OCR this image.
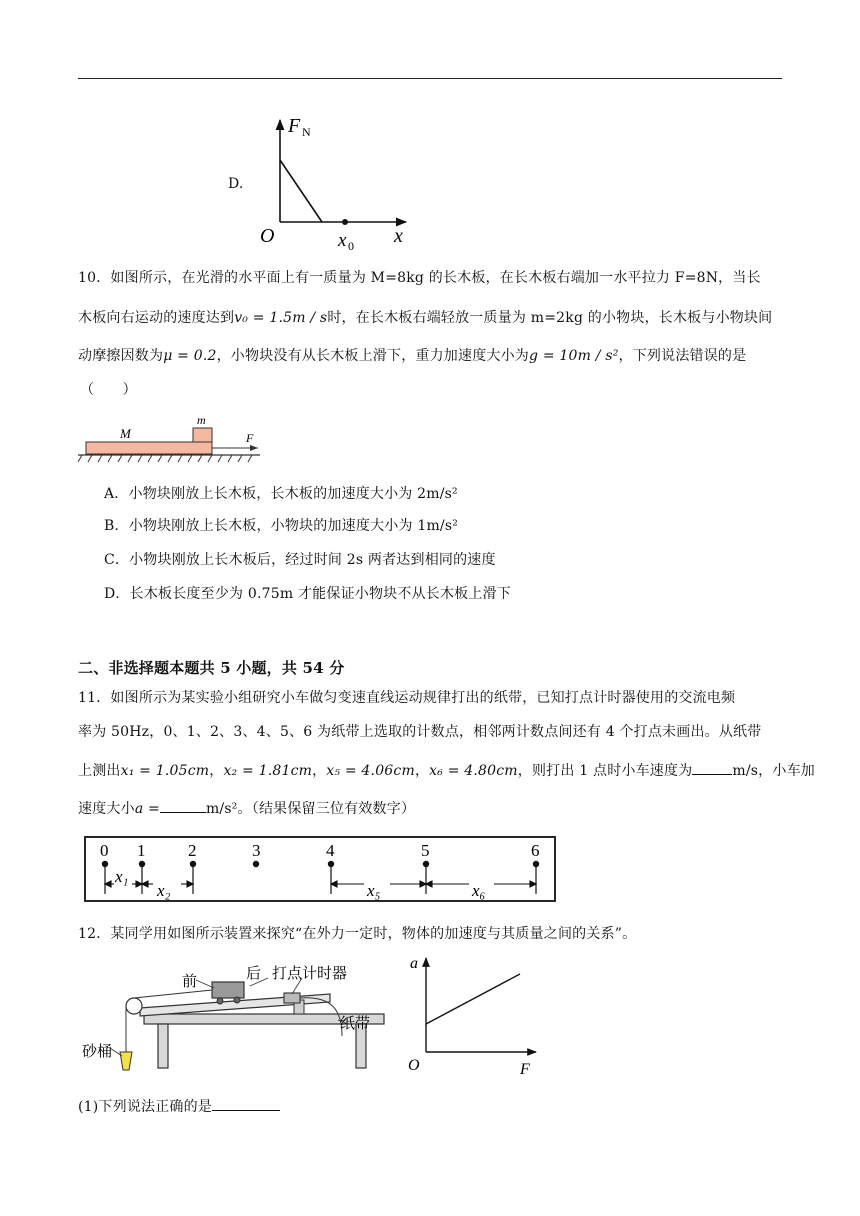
D.
F N
O	x 0 x
10．如图所示，在光滑的水平面上有一质量为 M=8kg 的长木板，在长木板右端加一水平拉力 F=8N，当长
木板向右运动的速度达到v₀ = 1.5m / s时，在长木板右端轻放一质量为 m=2kg 的小物块，长木板与小物块间
动摩擦因数为μ = 0.2，小物块没有从长木板上滑下，重力加速度大小为g = 10m / s²，下列说法错误的是
（　　）
m
M	F
A．小物块刚放上长木板，长木板的加速度大小为 2m/s²
B．小物块刚放上长木板，小物块的加速度大小为 1m/s²
C．小物块刚放上长木板后，经过时间 2s 两者达到相同的速度
D．长木板长度至少为 0.75m 才能保证小物块不从长木板上滑下
二、非选择题本题共 5 小题，共 54 分
11．如图所示为某实验小组研究小车做匀变速直线运动规律打出的纸带，已知打点计时器使用的交流电频
率为 50Hz，0、1、2、3、4、5、6 为纸带上选取的计数点，相邻两计数点间还有 4 个打点未画出。从纸带
上测出x₁ = 1.05cm，x₂ = 1.81cm，x₅ = 4.06cm，x₆ = 4.80cm，则打出 1 点时小车速度为	m/s，小车加
速度大小a =	m/s²。（结果保留三位有效数字）
0 1	2	3	4	5	6
x₁
x₂	x₅	x₆
12．某同学用如图所示装置来探究“在外力一定时，物体的加速度与其质量之间的关系”。
前	后 打点计时器
纸带
砂桶
a
O	F
(1)下列说法正确的是
